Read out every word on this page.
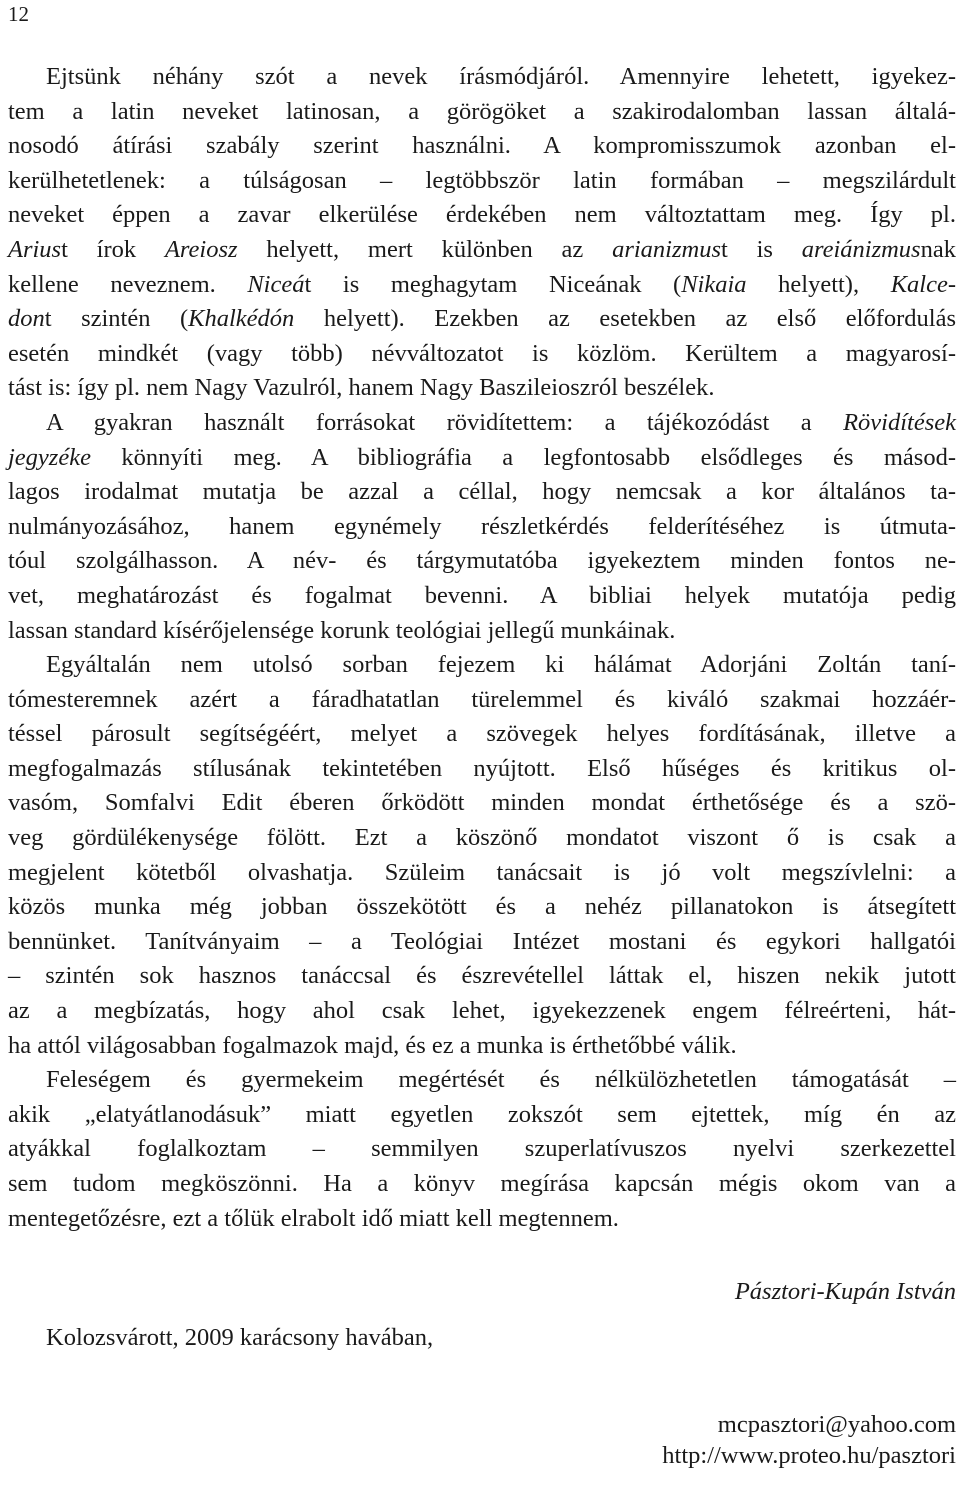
12
Ejtsünk néhány szót a nevek írásmódjáról. Amennyire lehetett, igyekez-
tem a latin neveket latinosan, a görögöket a szakirodalomban lassan általá-
nosodó átírási szabály szerint használni. A kompromisszumok azonban el-
kerülhetetlenek: a túlságosan – legtöbbször latin formában – megszilárdult
neveket éppen a zavar elkerülése érdekében nem változtattam meg. Így pl.
Ariust írok Areiosz helyett, mert különben az arianizmust is areiánizmusnak
kellene neveznem. Niceát is meghagytam Niceának (Nikaia helyett), Kalce-
dont szintén (Khalkédón helyett). Ezekben az esetekben az első előfordulás
esetén mindkét (vagy több) névváltozatot is közlöm. Kerültem a magyarosí-
tást is: így pl. nem Nagy Vazulról, hanem Nagy Baszileioszról beszélek.
A gyakran használt forrásokat rövidítettem: a tájékozódást a Rövidítések
jegyzéke könnyíti meg. A bibliográfia a legfontosabb elsődleges és másod-
lagos irodalmat mutatja be azzal a céllal, hogy nemcsak a kor általános ta-
nulmányozásához, hanem egynémely részletkérdés felderítéséhez is útmuta-
tóul szolgálhasson. A név- és tárgymutatóba igyekeztem minden fontos ne-
vet, meghatározást és fogalmat bevenni. A bibliai helyek mutatója pedig
lassan standard kísérőjelensége korunk teológiai jellegű munkáinak.
Egyáltalán nem utolsó sorban fejezem ki hálámat Adorjáni Zoltán taní-
tómesteremnek azért a fáradhatatlan türelemmel és kiváló szakmai hozzáér-
téssel párosult segítségéért, melyet a szövegek helyes fordításának, illetve a
megfogalmazás stílusának tekintetében nyújtott. Első hűséges és kritikus ol-
vasóm, Somfalvi Edit éberen őrködött minden mondat érthetősége és a szö-
veg gördülékenysége fölött. Ezt a köszönő mondatot viszont ő is csak a
megjelent kötetből olvashatja. Szüleim tanácsait is jó volt megszívlelni: a
közös munka még jobban összekötött és a nehéz pillanatokon is átsegített
bennünket. Tanítványaim – a Teológiai Intézet mostani és egykori hallgatói
– szintén sok hasznos tanáccsal és észrevétellel láttak el, hiszen nekik jutott
az a megbízatás, hogy ahol csak lehet, igyekezzenek engem félreérteni, hát-
ha attól világosabban fogalmazok majd, és ez a munka is érthetőbbé válik.
Feleségem és gyermekeim megértését és nélkülözhetetlen támogatását –
akik „elatyátlanodásuk” miatt egyetlen zokszót sem ejtettek, míg én az
atyákkal foglalkoztam – semmilyen szuperlatívuszos nyelvi szerkezettel
sem tudom megköszönni. Ha a könyv megírása kapcsán mégis okom van a
mentegetőzésre, ezt a tőlük elrabolt idő miatt kell megtennem.
Kolozsvárott, 2009 karácsony havában,
Pásztori-Kupán István
mcpasztori@yahoo.com
http://www.proteo.hu/pasztori
